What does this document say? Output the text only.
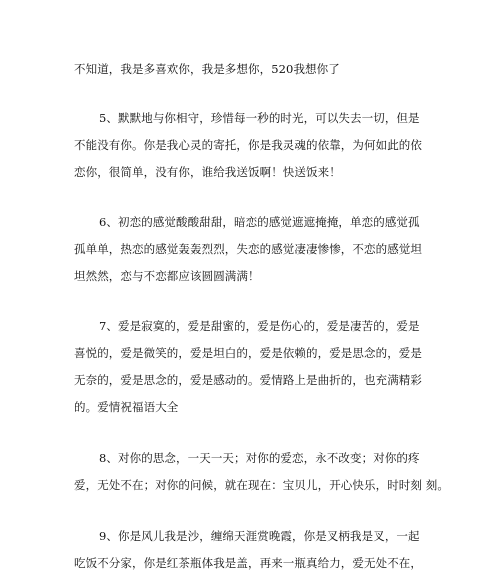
不知道，我是多喜欢你，我是多想你，520我想你了
5、默默地与你相守，珍惜每一秒的时光，可以失去一切，但是
不能没有你。你是我心灵的寄托，你是我灵魂的依靠，为何如此的依
恋你，很简单，没有你，谁给我送饭啊！快送饭来！
6、初恋的感觉酸酸甜甜，暗恋的感觉遮遮掩掩，单恋的感觉孤
孤单单，热恋的感觉轰轰烈烈，失恋的感觉凄凄惨惨，不恋的感觉坦
坦然然，恋与不恋都应该圆圆满满！
7、爱是寂寞的，爱是甜蜜的，爱是伤心的，爱是凄苦的，爱是
喜悦的，爱是微笑的，爱是坦白的，爱是依赖的，爱是思念的，爱是
无奈的，爱是思念的，爱是感动的。爱情路上是曲折的，也充满精彩
的。爱情祝福语大全
8、对你的思念，一天一天；对你的爱恋，永不改变；对你的疼
爱，无处不在；对你的问候，就在现在：宝贝儿，开心快乐，时时刻 刻。
9、你是风儿我是沙，缠绵天涯赏晚霞，你是叉柄我是叉，一起
吃饭不分家，你是红茶瓶体我是盖，再来一瓶真给力，爱无处不在，
